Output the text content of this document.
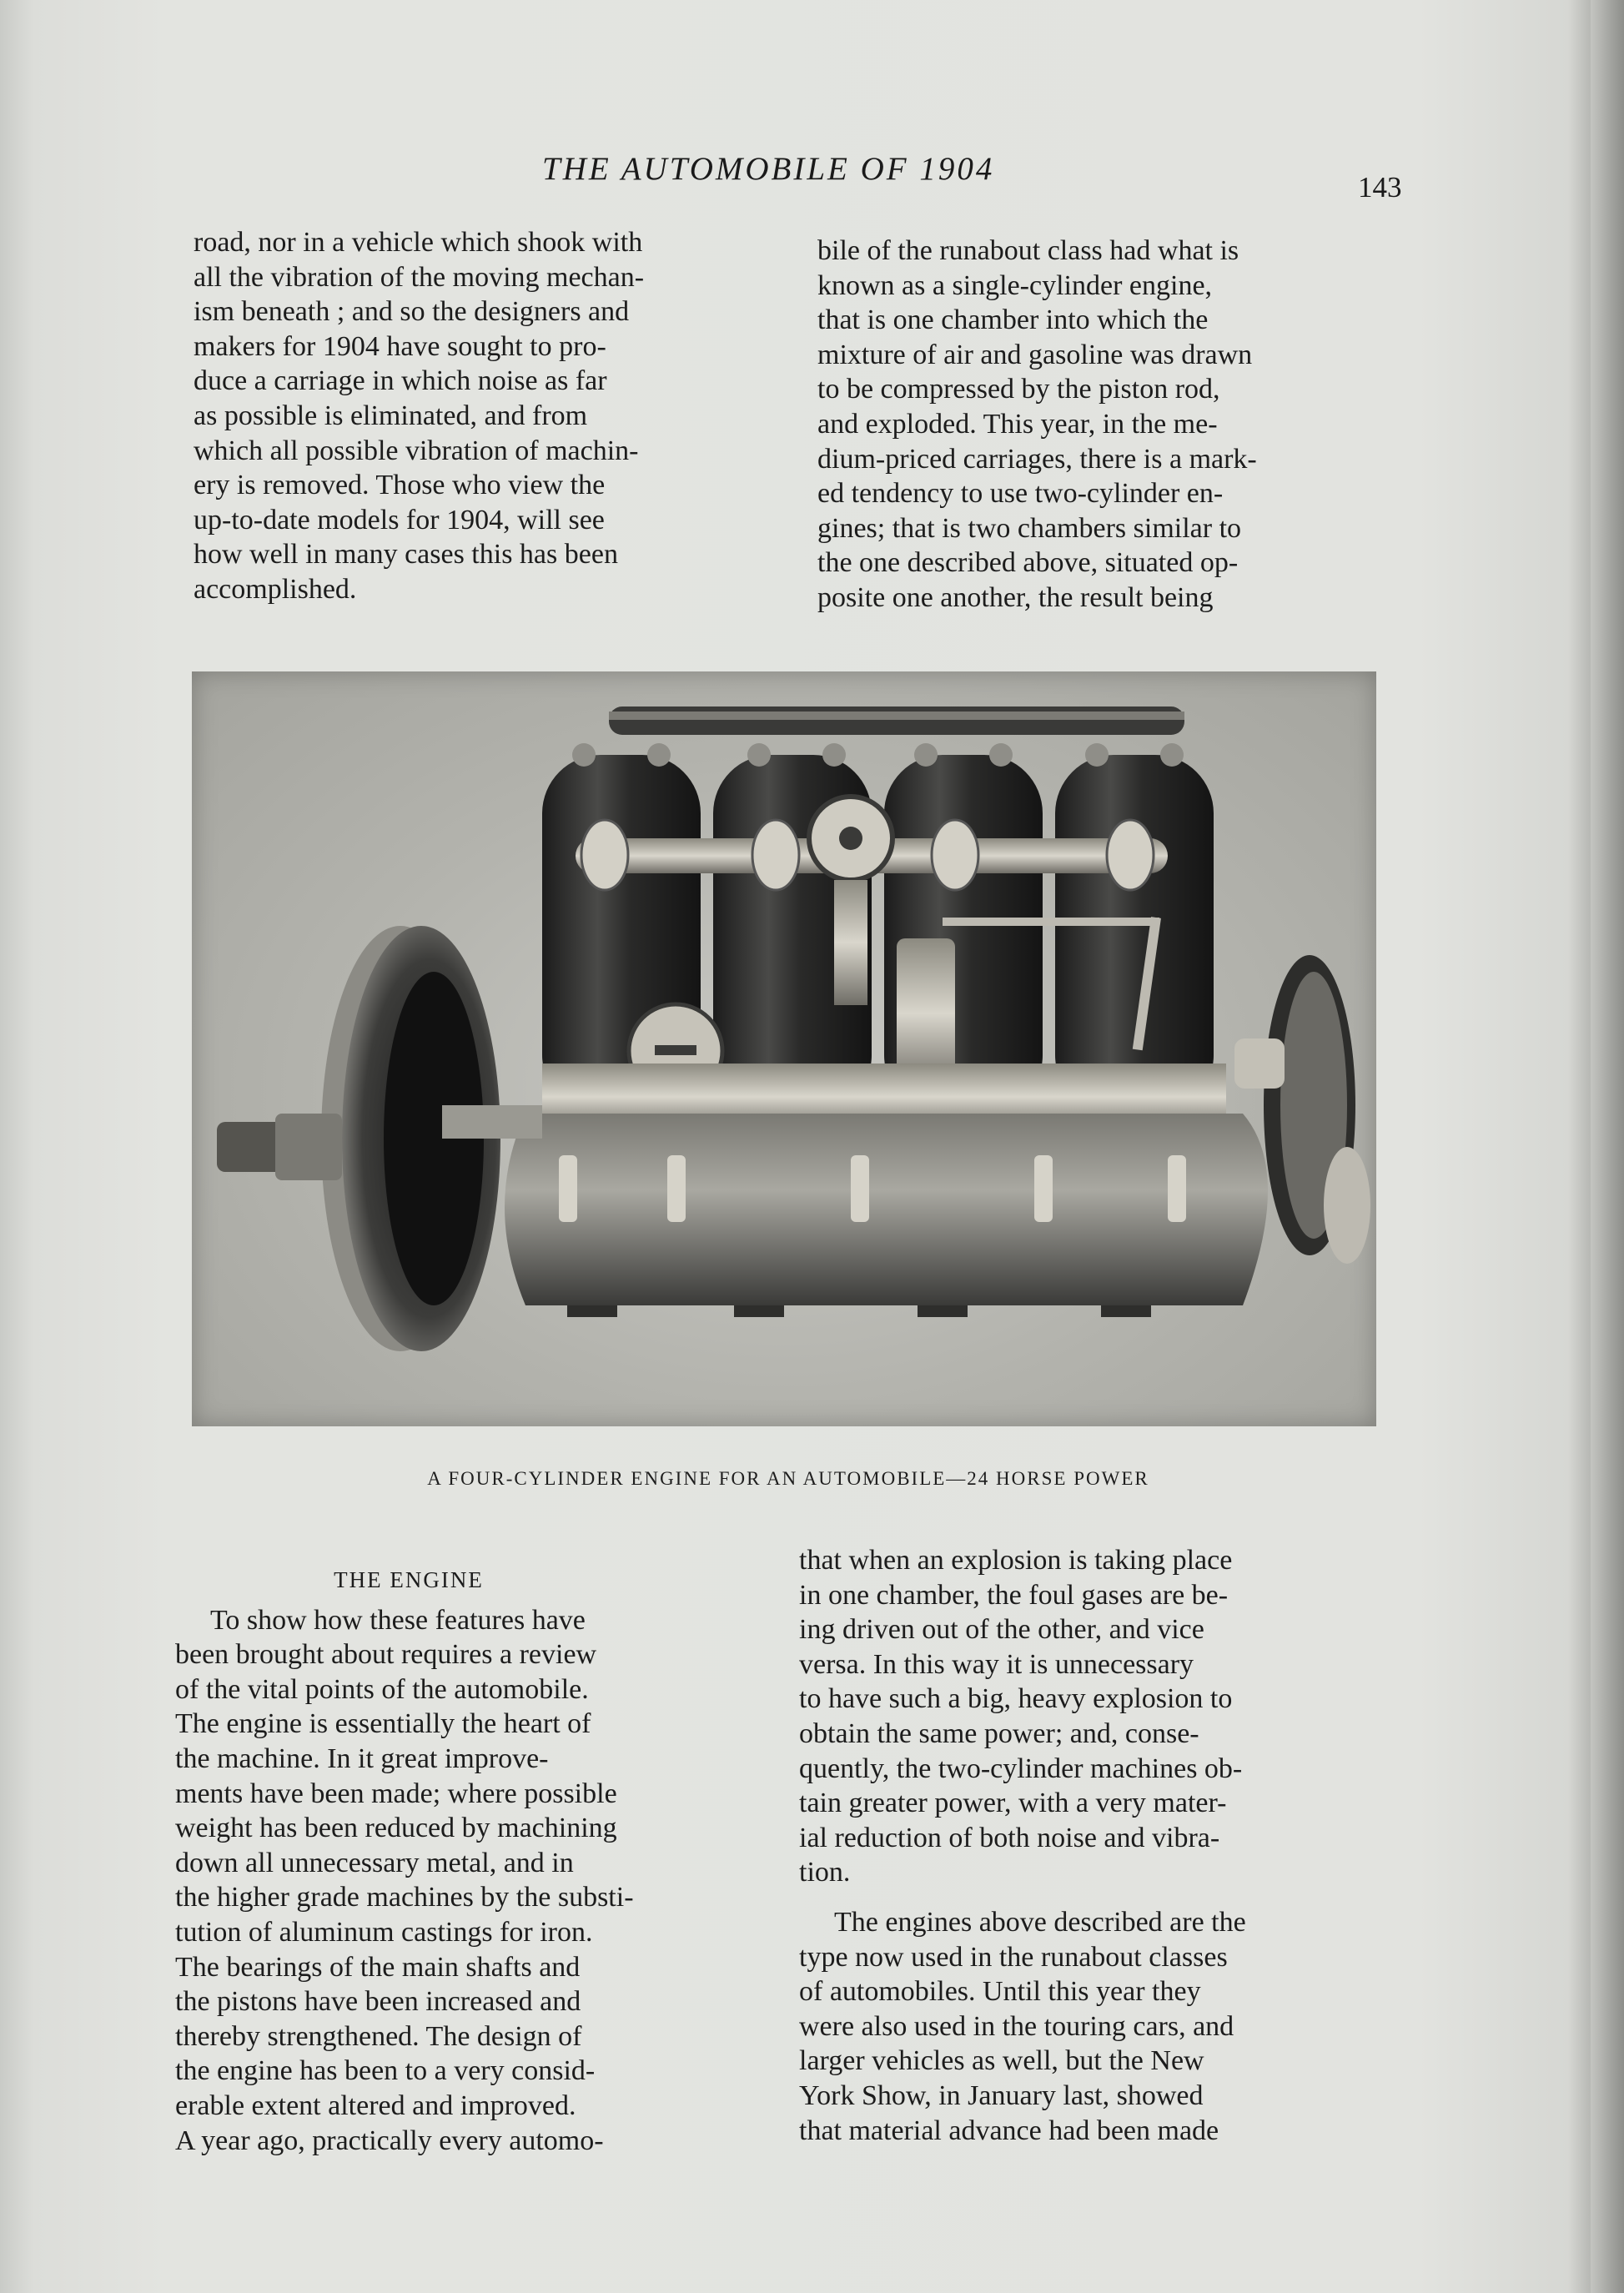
THE AUTOMOBILE OF 1904
143

road, nor in a vehicle which shook with
all the vibration of the moving mechan-
ism beneath ; and so the designers and
makers for 1904 have sought to pro-
duce a carriage in which noise as far
as possible is eliminated, and from
which all possible vibration of machin-
ery is removed. Those who view the
up-to-date models for 1904, will see
how well in many cases this has been
accomplished.

bile of the runabout class had what is
known as a single-cylinder engine,
that is one chamber into which the
mixture of air and gasoline was drawn
to be compressed by the piston rod,
and exploded. This year, in the me-
dium-priced carriages, there is a mark-
ed tendency to use two-cylinder en-
gines; that is two chambers similar to
the one described above, situated op-
posite one another, the result being

A FOUR-CYLINDER ENGINE FOR AN AUTOMOBILE—24 HORSE POWER

THE ENGINE

To show how these features have
been brought about requires a review
of the vital points of the automobile.
The engine is essentially the heart of
the machine. In it great improve-
ments have been made; where possible
weight has been reduced by machining
down all unnecessary metal, and in
the higher grade machines by the substi-
tution of aluminum castings for iron.
The bearings of the main shafts and
the pistons have been increased and
thereby strengthened. The design of
the engine has been to a very consid-
erable extent altered and improved.
A year ago, practically every automo-

that when an explosion is taking place
in one chamber, the foul gases are be-
ing driven out of the other, and vice
versa. In this way it is unnecessary
to have such a big, heavy explosion to
obtain the same power; and, conse-
quently, the two-cylinder machines ob-
tain greater power, with a very mater-
ial reduction of both noise and vibra-
tion.

The engines above described are the
type now used in the runabout classes
of automobiles. Until this year they
were also used in the touring cars, and
larger vehicles as well, but the New
York Show, in January last, showed
that material advance had been made
